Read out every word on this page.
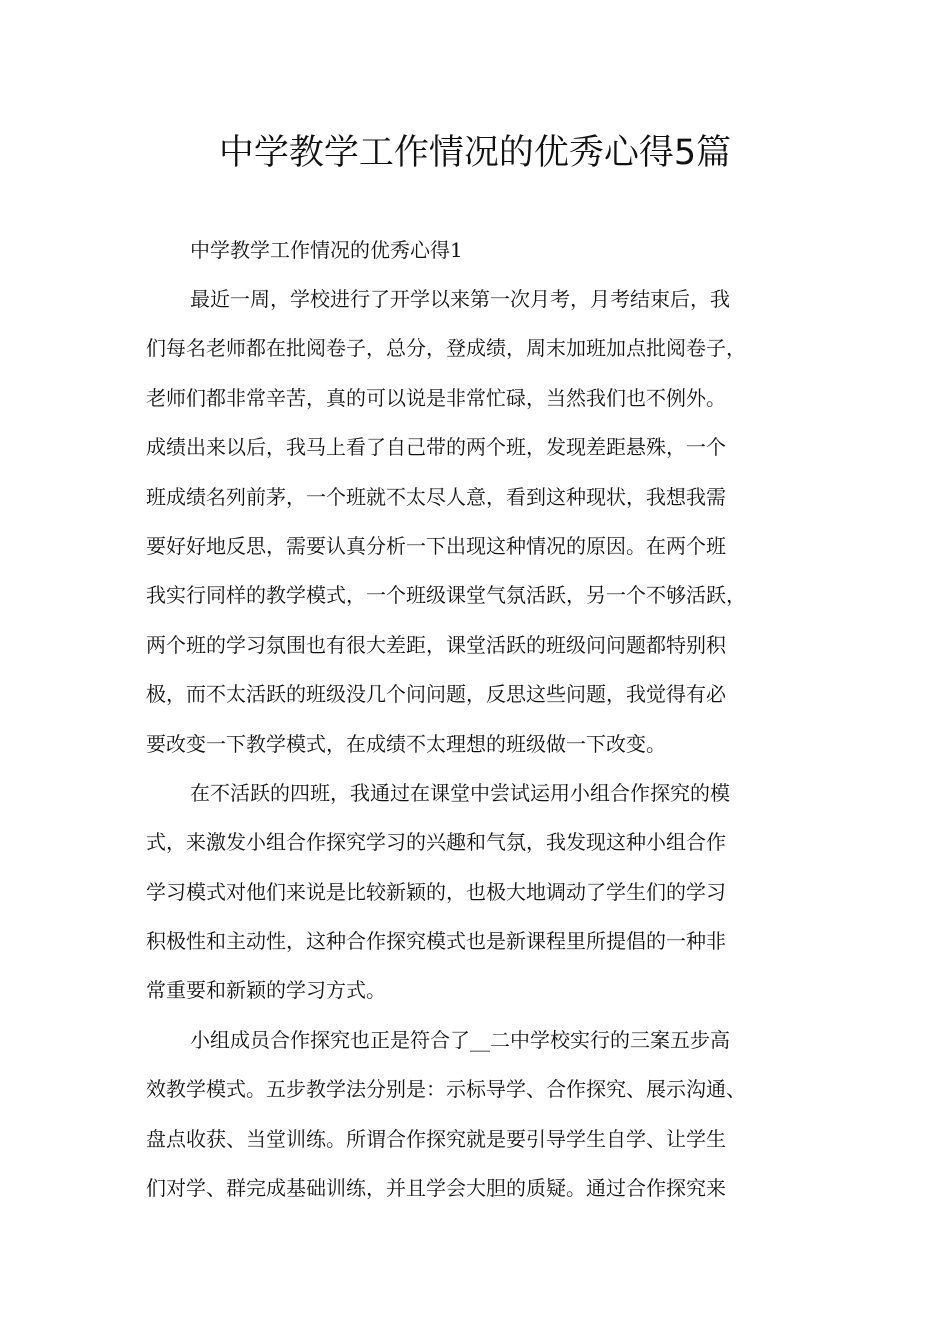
中学教学工作情况的优秀心得5篇

中学教学工作情况的优秀心得1

最近一周，学校进行了开学以来第一次月考，月考结束后，我

们每名老师都在批阅卷子，总分，登成绩，周末加班加点批阅卷子，

老师们都非常辛苦，真的可以说是非常忙碌，当然我们也不例外。

成绩出来以后，我马上看了自己带的两个班，发现差距悬殊，一个

班成绩名列前茅，一个班就不太尽人意，看到这种现状，我想我需

要好好地反思，需要认真分析一下出现这种情况的原因。在两个班

我实行同样的教学模式，一个班级课堂气氛活跃，另一个不够活跃，

两个班的学习氛围也有很大差距，课堂活跃的班级问问题都特别积

极，而不太活跃的班级没几个问问题，反思这些问题，我觉得有必

要改变一下教学模式，在成绩不太理想的班级做一下改变。

在不活跃的四班，我通过在课堂中尝试运用小组合作探究的模

式，来激发小组合作探究学习的兴趣和气氛，我发现这种小组合作

学习模式对他们来说是比较新颖的，也极大地调动了学生们的学习

积极性和主动性，这种合作探究模式也是新课程里所提倡的一种非

常重要和新颖的学习方式。

小组成员合作探究也正是符合了__二中学校实行的三案五步高

效教学模式。五步教学法分别是：示标导学、合作探究、展示沟通、

盘点收获、当堂训练。所谓合作探究就是要引导学生自学、让学生

们对学、群完成基础训练，并且学会大胆的质疑。通过合作探究来
